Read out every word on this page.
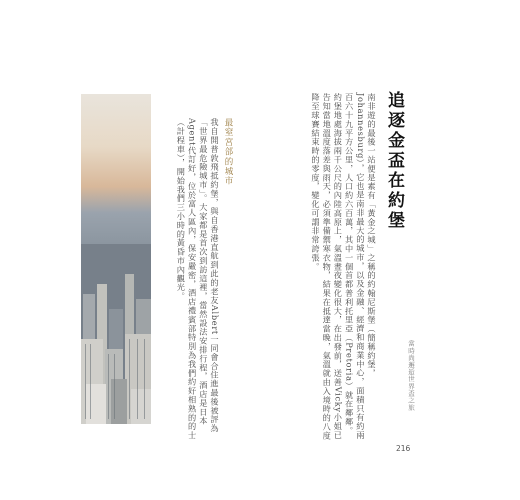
當時尚邂逅世界盃之旅
追逐金盃在約堡
南非遊的最後一站便是素有「黃金之城」之稱的約翰尼斯堡（簡稱約堡，Johannesburg），它也是南非最大的城市，以及金融、經濟和商業中心，面積只有約兩百六十九平方公里，人口約六百萬，其中一個首都普利托里亞（Pretoria）就在鄰鄰。約堡地處海拔兩千公尺的內陸高原上，氣溫晝夜變化很大，在出發前，送善Vicky小姐已告知當地溫度落差與雨天，必須準備禦寒衣物，結果在抵達當晚，氣溫就由入境時的八度降至球賽結束時的零度，變化可謂非常誇張。
最窒宮郃的城市
我自開普敦飛抵約堡，與自香港直航到此的老友Albert一同會合住進最後被評為「世界最危險城市」。大家都是首次到訪這裡，當然設法安排行程，酒店是日本Agent代訂好，位於富人區內，保安嚴密，酒店禮賓部特別為我們約好相熟的的士（計程車），開始我們三小時的黃昏市內觀光。
216
